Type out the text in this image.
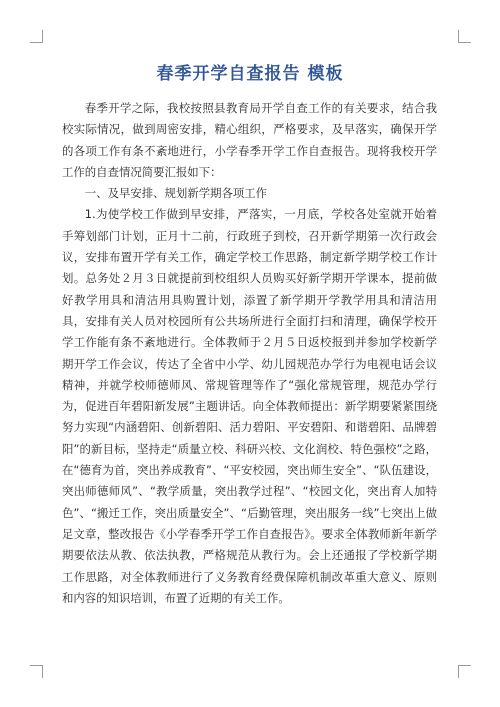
春季开学自查报告 模板

春季开学之际，我校按照县教育局开学自查工作的有关要求，结合我校实际情况，做到周密安排，精心组织，严格要求，及早落实，确保开学的各项工作有条不紊地进行，小学春季开学工作自查报告。现将我校开学工作的自查情况简要汇报如下：

一、及早安排、规划新学期各项工作

1.为使学校工作做到早安排，严落实，一月底，学校各处室就开始着手筹划部门计划，正月十二前，行政班子到校，召开新学期第一次行政会议，安排布置开学有关工作，确定学校工作思路，制定新学期学校工作计划。总务处２月３日就提前到校组织人员购买好新学期开学课本，提前做好教学用具和清洁用具购置计划，添置了新学期开学教学用具和清洁用具，安排有关人员对校园所有公共场所进行全面打扫和清理，确保学校开学工作能有条不紊地进行。全体教师于２月５日返校报到并参加学校新学期开学工作会议，传达了全省中小学、幼儿园规范办学行为电视电话会议精神，并就学校师德师风、常规管理等作了“强化常规管理，规范办学行为，促进百年碧阳新发展”主题讲话。向全体教师提出：新学期要紧紧围绕努力实现“内涵碧阳、创新碧阳、活力碧阳、平安碧阳、和谐碧阳、品牌碧阳”的新目标，坚持走“质量立校、科研兴校、文化润校、特色强校”之路，在“德育为首，突出养成教育”、“平安校园，突出师生安全”、“队伍建设，突出师德师风”、“教学质量，突出教学过程”、“校园文化，突出育人加特色”、“搬迁工作，突出质量安全”、“后勤管理，突出服务一线”七突出上做足文章，整改报告《小学春季开学工作自查报告》。要求全体教师新年新学期要依法从教、依法执教，严格规范从教行为。会上还通报了学校新学期工作思路，对全体教师进行了义务教育经费保障机制改革重大意义、原则和内容的知识培训，布置了近期的有关工作。
